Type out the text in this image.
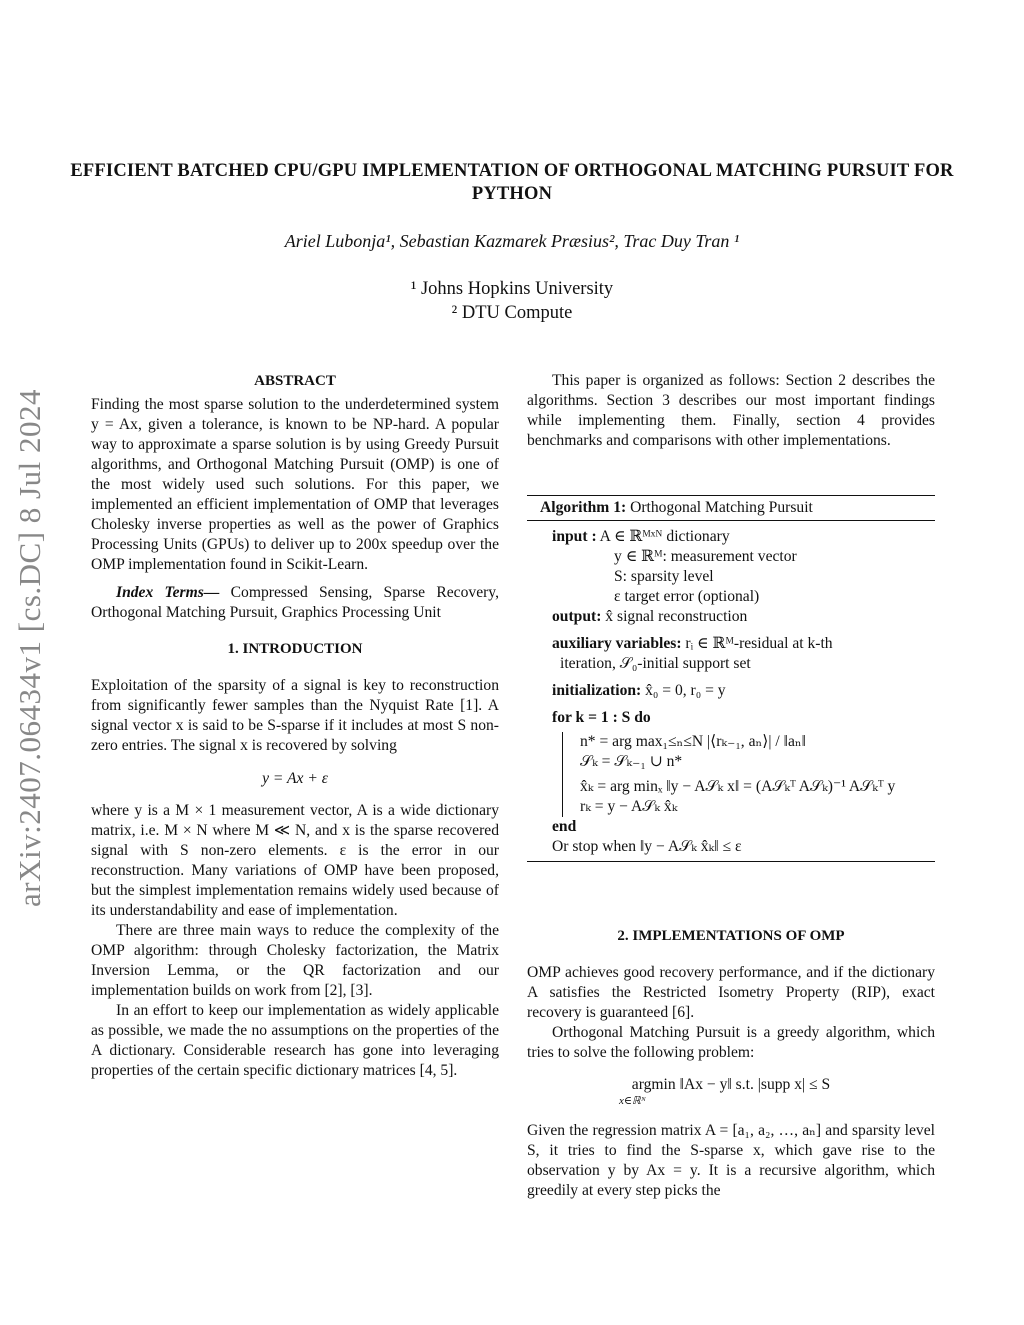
arXiv:2407.06434v1 [cs.DC] 8 Jul 2024
EFFICIENT BATCHED CPU/GPU IMPLEMENTATION OF ORTHOGONAL MATCHING PURSUIT FOR PYTHON
Ariel Lubonja¹, Sebastian Kazmarek Præsius², Trac Duy Tran ¹
¹ Johns Hopkins University
² DTU Compute

ABSTRACT

Finding the most sparse solution to the underdetermined system y = Ax, given a tolerance, is known to be NP-hard. A popular way to approximate a sparse solution is by using Greedy Pursuit algorithms, and Orthogonal Matching Pursuit (OMP) is one of the most widely used such solutions. For this paper, we implemented an efficient implementation of OMP that leverages Cholesky inverse properties as well as the power of Graphics Processing Units (GPUs) to deliver up to 200x speedup over the OMP implementation found in Scikit-Learn.

Index Terms— Compressed Sensing, Sparse Recovery, Orthogonal Matching Pursuit, Graphics Processing Unit

1. INTRODUCTION

Exploitation of the sparsity of a signal is key to reconstruction from significantly fewer samples than the Nyquist Rate [1]. A signal vector x is said to be S-sparse if it includes at most S non-zero entries. The signal x is recovered by solving

y = Ax + ε

where y is a M × 1 measurement vector, A is a wide dictionary matrix, i.e. M × N where M ≪ N, and x is the sparse recovered signal with S non-zero elements. ε is the error in our reconstruction. Many variations of OMP have been proposed, but the simplest implementation remains widely used because of its understandability and ease of implementation.

There are three main ways to reduce the complexity of the OMP algorithm: through Cholesky factorization, the Matrix Inversion Lemma, or the QR factorization and our implementation builds on work from [2], [3].

In an effort to keep our implementation as widely applicable as possible, we made the no assumptions on the properties of the A dictionary. Considerable research has gone into leveraging properties of the certain specific dictionary matrices [4, 5].

This paper is organized as follows: Section 2 describes the algorithms. Section 3 describes our most important findings while implementing them. Finally, section 4 provides benchmarks and comparisons with other implementations.

Algorithm 1: Orthogonal Matching Pursuit
input : A ∈ ℝᴹˣᴺ dictionary
y ∈ ℝᴹ: measurement vector
S: sparsity level
ε target error (optional)
output: x̂ signal reconstruction
auxiliary variables: rᵢ ∈ ℝᴹ-residual at k-th
iteration, 𝒮₀-initial support set
initialization: x̂₀ = 0, r₀ = y
for k = 1 : S do
n* = arg max₁≤ₙ≤N |⟨rₖ₋₁, aₙ⟩| / ‖aₙ‖
𝒮ₖ = 𝒮ₖ₋₁ ∪ n*
x̂ₖ = arg minₓ ‖y − A𝒮ₖ x‖ = (A𝒮ₖᵀ A𝒮ₖ)⁻¹ A𝒮ₖᵀ y
rₖ = y − A𝒮ₖ x̂ₖ
end
Or stop when ‖y − A𝒮ₖ x̂ₖ‖ ≤ ε

2. IMPLEMENTATIONS OF OMP

OMP achieves good recovery performance, and if the dictionary A satisfies the Restricted Isometry Property (RIP), exact recovery is guaranteed [6].

Orthogonal Matching Pursuit is a greedy algorithm, which tries to solve the following problem:

argmin ‖Ax − y‖ s.t. |supp x| ≤ S

x∈ℝᴺ

Given the regression matrix A = [a₁, a₂, …, aₙ] and sparsity level S, it tries to find the S-sparse x, which gave rise to the observation y by Ax = y. It is a recursive algorithm, which greedily at every step picks the
